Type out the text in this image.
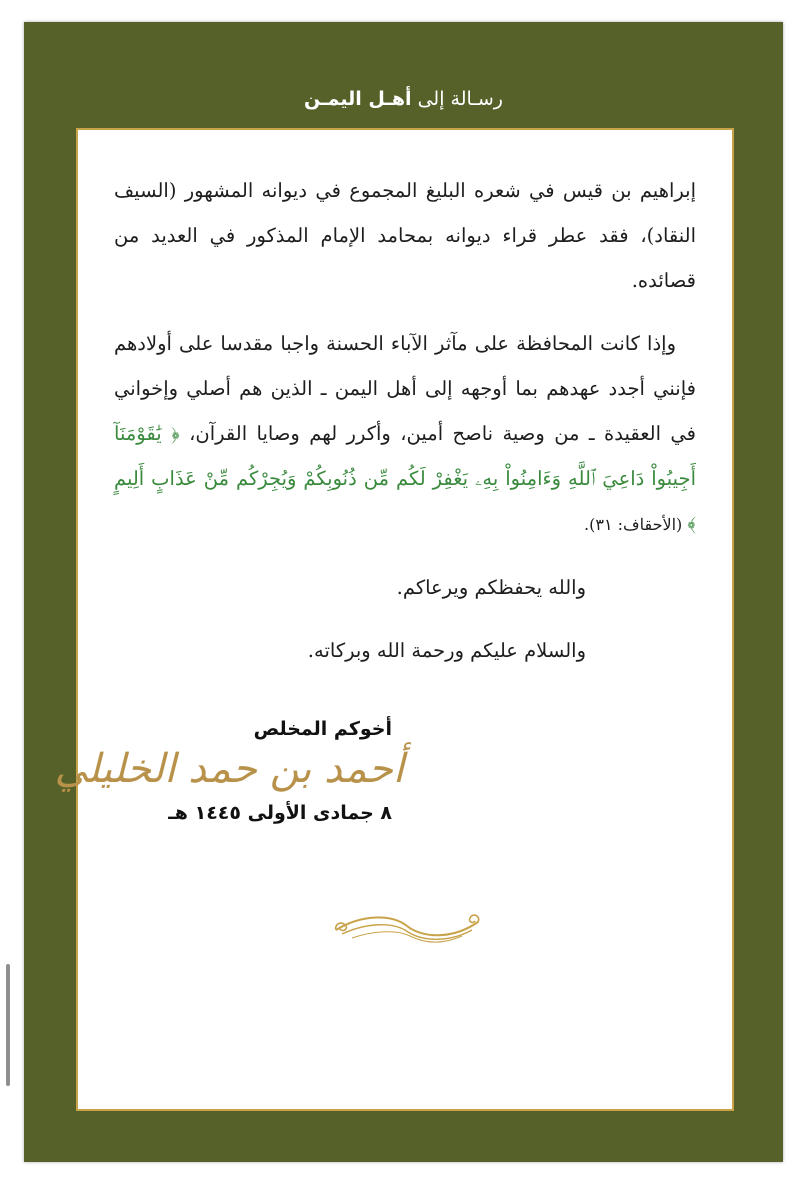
رسـالة إلى أهـل اليمـن

إبراهيم بن قيس في شعره البليغ المجموع في ديوانه المشهور (السيف النقاد)، فقد عطر قراء ديوانه بمحامد الإمام المذكور في العديد من قصائده.

وإذا كانت المحافظة على مآثر الآباء الحسنة واجبا مقدسا على أولادهم فإنني أجدد عهدهم بما أوجهه إلى أهل اليمن ـ الذين هم أصلي وإخواني في العقيدة ـ من وصية ناصح أمين، وأكرر لهم وصايا القرآن، ﴿ يَٰقَوْمَنَآ أَجِيبُواْ دَاعِيَ ٱللَّهِ وَءَامِنُواْ بِهِۦ يَغْفِرْ لَكُم مِّن ذُنُوبِكُمْ وَيُجِرْكُم مِّنْ عَذَابٍ أَلِيمٍ ﴾ (الأحقاف: ٣١).

والله يحفظكم ويرعاكم.

والسلام عليكم ورحمة الله وبركاته.

أخوكم المخلص
أحمد بن حمد الخليلي
٨ جمادى الأولى ١٤٤٥ هـ
